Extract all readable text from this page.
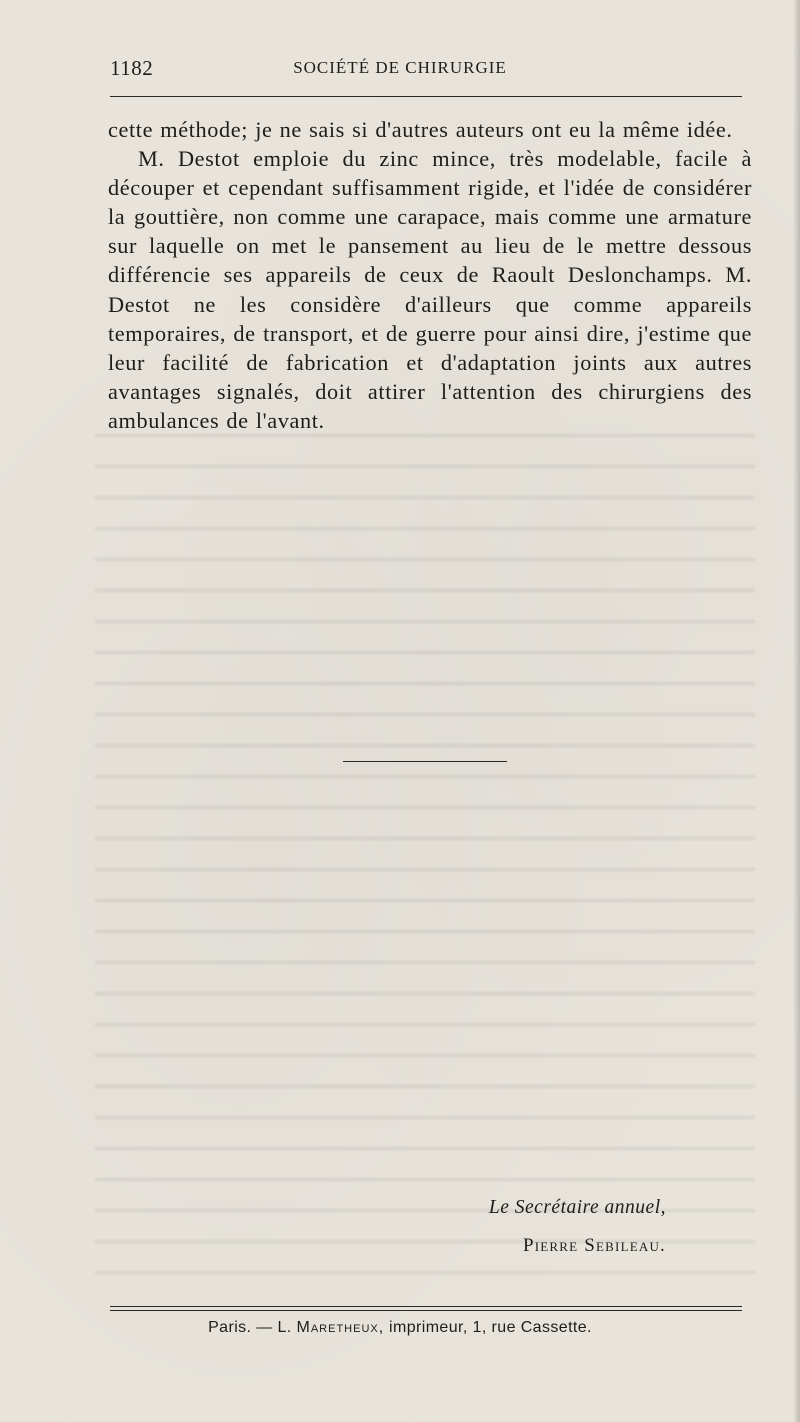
1182	SOCIÉTÉ DE CHIRURGIE

cette méthode; je ne sais si d'autres auteurs ont eu la même idée.

M. Destot emploie du zinc mince, très modelable, facile à découper et cependant suffisamment rigide, et l'idée de considérer la gouttière, non comme une carapace, mais comme une armature sur laquelle on met le pansement au lieu de le mettre dessous différencie ses appareils de ceux de Raoult Deslonchamps. M. Destot ne les considère d'ailleurs que comme appareils temporaires, de transport, et de guerre pour ainsi dire, j'estime que leur facilité de fabrication et d'adaptation joints aux autres avantages signalés, doit attirer l'attention des chirurgiens des ambulances de l'avant.

Le Secrétaire annuel,
Pierre Sebileau.
Paris. — L. Maretheux, imprimeur, 1, rue Cassette.
